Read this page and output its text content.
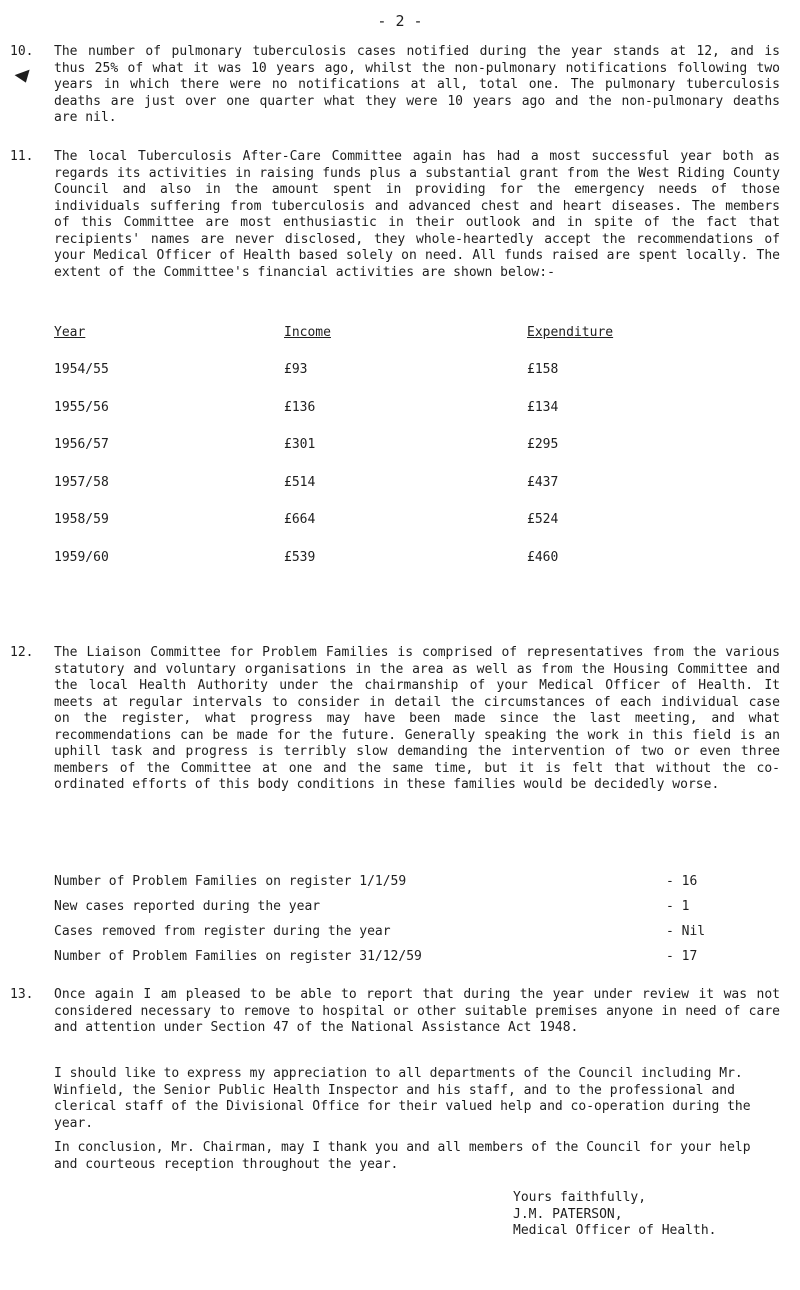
- 2 -

10. The number of pulmonary tuberculosis cases notified during the year stands at 12, and is thus 25% of what it was 10 years ago, whilst the non-pulmonary notifications following two years in which there were no notifications at all, total one. The pulmonary tuberculosis deaths are just over one quarter what they were 10 years ago and the non-pulmonary deaths are nil.

11. The local Tuberculosis After-Care Committee again has had a most successful year both as regards its activities in raising funds plus a substantial grant from the West Riding County Council and also in the amount spent in providing for the emergency needs of those individuals suffering from tuberculosis and advanced chest and heart diseases. The members of this Committee are most enthusiastic in their outlook and in spite of the fact that recipients' names are never disclosed, they whole-heartedly accept the recommendations of your Medical Officer of Health based solely on need. All funds raised are spent locally. The extent of the Committee's financial activities are shown below:-

Year	Income	Expenditure
1954/55	£93	£158
1955/56	£136	£134
1956/57	£301	£295
1957/58	£514	£437
1958/59	£664	£524
1959/60	£539	£460

12. The Liaison Committee for Problem Families is comprised of representatives from the various statutory and voluntary organisations in the area as well as from the Housing Committee and the local Health Authority under the chairmanship of your Medical Officer of Health. It meets at regular intervals to consider in detail the circumstances of each individual case on the register, what progress may have been made since the last meeting, and what recommendations can be made for the future. Generally speaking the work in this field is an uphill task and progress is terribly slow demanding the intervention of two or even three members of the Committee at one and the same time, but it is felt that without the co-ordinated efforts of this body conditions in these families would be decidedly worse.

Number of Problem Families on register 1/1/59	- 16
New cases reported during the year	- 1
Cases removed from register during the year	- Nil
Number of Problem Families on register 31/12/59	- 17

13. Once again I am pleased to be able to report that during the year under review it was not considered necessary to remove to hospital or other suitable premises anyone in need of care and attention under Section 47 of the National Assistance Act 1948.

I should like to express my appreciation to all departments of the Council including Mr. Winfield, the Senior Public Health Inspector and his staff, and to the professional and clerical staff of the Divisional Office for their valued help and co-operation during the year.

In conclusion, Mr. Chairman, may I thank you and all members of the Council for your help and courteous reception throughout the year.

Yours faithfully,
J.M. PATERSON,
Medical Officer of Health.
